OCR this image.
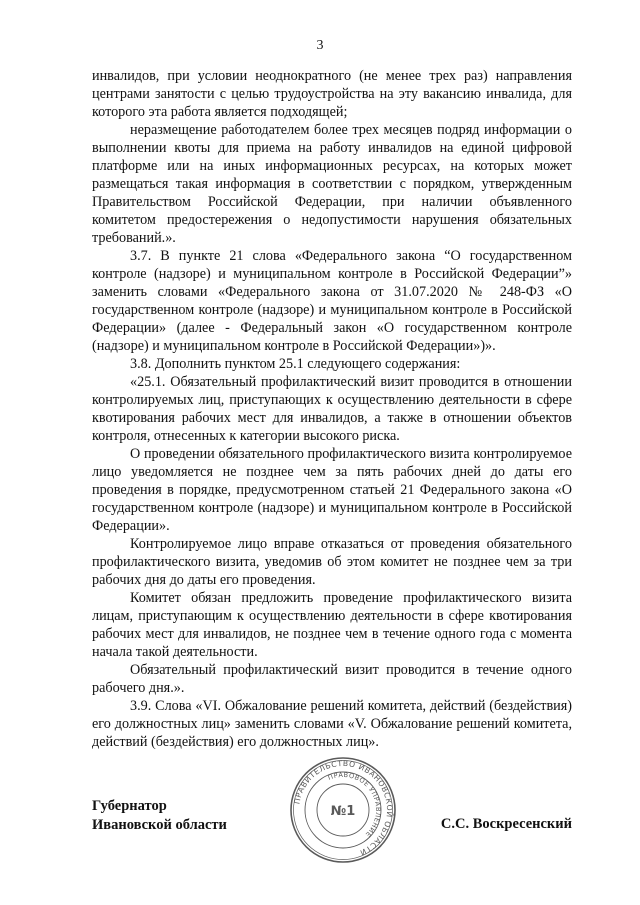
3

инвалидов, при условии неоднократного (не менее трех раз) направления центрами занятости с целью трудоустройства на эту вакансию инвалида, для которого эта работа является подходящей;

неразмещение работодателем более трех месяцев подряд информации о выполнении квоты для приема на работу инвалидов на единой цифровой платформе или на иных информационных ресурсах, на которых может размещаться такая информация в соответствии с порядком, утвержденным Правительством Российской Федерации, при наличии объявленного комитетом предостережения о недопустимости нарушения обязательных требований.».

3.7. В пункте 21 слова «Федерального закона “О государственном контроле (надзоре) и муниципальном контроле в Российской Федерации”» заменить словами «Федерального закона от 31.07.2020 № 248-ФЗ «О государственном контроле (надзоре) и муниципальном контроле в Российской Федерации» (далее - Федеральный закон «О государственном контроле (надзоре) и муниципальном контроле в Российской Федерации»)».

3.8. Дополнить пунктом 25.1 следующего содержания:

«25.1. Обязательный профилактический визит проводится в отношении контролируемых лиц, приступающих к осуществлению деятельности в сфере квотирования рабочих мест для инвалидов, а также в отношении объектов контроля, отнесенных к категории высокого риска.

О проведении обязательного профилактического визита контролируемое лицо уведомляется не позднее чем за пять рабочих дней до даты его проведения в порядке, предусмотренном статьей 21 Федерального закона «О государственном контроле (надзоре) и муниципальном контроле в Российской Федерации».

Контролируемое лицо вправе отказаться от проведения обязательного профилактического визита, уведомив об этом комитет не позднее чем за три рабочих дня до даты его проведения.

Комитет обязан предложить проведение профилактического визита лицам, приступающим к осуществлению деятельности в сфере квотирования рабочих мест для инвалидов, не позднее чем в течение одного года с момента начала такой деятельности.

Обязательный профилактический визит проводится в течение одного рабочего дня.».

3.9. Слова «VI. Обжалование решений комитета, действий (бездействия) его должностных лиц» заменить словами «V. Обжалование решений комитета, действий (бездействия) его должностных лиц».

Губернатор
Ивановской области
ПРАВИТЕЛЬСТВО ИВАНОВСКОЙ ОБЛАСТИ
ПРАВОВОЕ УПРАВЛЕНИЕ
№1
С.С. Воскресенский
